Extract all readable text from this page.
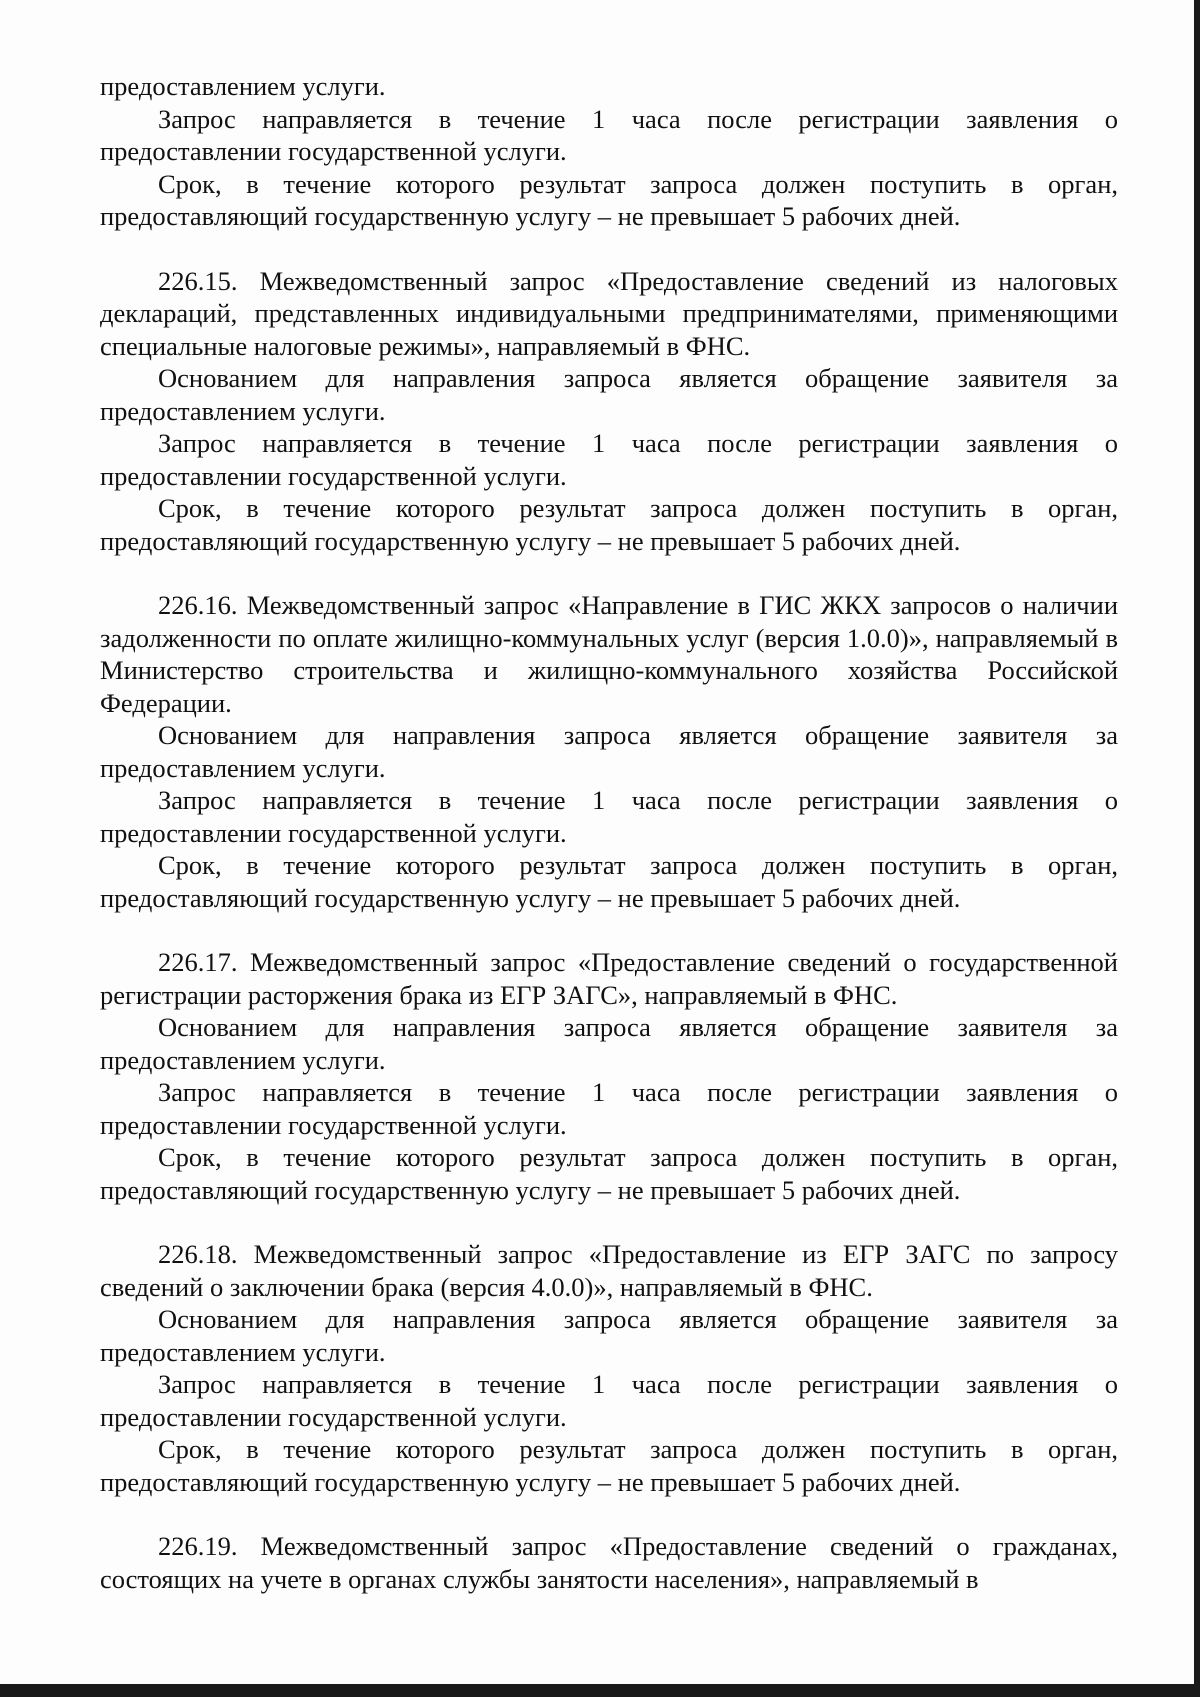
предоставлением услуги.

Запрос направляется в течение 1 часа после регистрации заявления о предоставлении государственной услуги.

Срок, в течение которого результат запроса должен поступить в орган, предоставляющий государственную услугу – не превышает 5 рабочих дней.

226.15. Межведомственный запрос «Предоставление сведений из налоговых деклараций, представленных индивидуальными предпринимателями, применяющими специальные налоговые режимы», направляемый в ФНС.

Основанием для направления запроса является обращение заявителя за предоставлением услуги.

Запрос направляется в течение 1 часа после регистрации заявления о предоставлении государственной услуги.

Срок, в течение которого результат запроса должен поступить в орган, предоставляющий государственную услугу – не превышает 5 рабочих дней.

226.16. Межведомственный запрос «Направление в ГИС ЖКХ запросов о наличии задолженности по оплате жилищно-коммунальных услуг (версия 1.0.0)», направляемый в Министерство строительства и жилищно-коммунального хозяйства Российской Федерации.

Основанием для направления запроса является обращение заявителя за предоставлением услуги.

Запрос направляется в течение 1 часа после регистрации заявления о предоставлении государственной услуги.

Срок, в течение которого результат запроса должен поступить в орган, предоставляющий государственную услугу – не превышает 5 рабочих дней.

226.17. Межведомственный запрос «Предоставление сведений о государственной регистрации расторжения брака из ЕГР ЗАГС», направляемый в ФНС.

Основанием для направления запроса является обращение заявителя за предоставлением услуги.

Запрос направляется в течение 1 часа после регистрации заявления о предоставлении государственной услуги.

Срок, в течение которого результат запроса должен поступить в орган, предоставляющий государственную услугу – не превышает 5 рабочих дней.

226.18. Межведомственный запрос «Предоставление из ЕГР ЗАГС по запросу сведений о заключении брака (версия 4.0.0)», направляемый в ФНС.

Основанием для направления запроса является обращение заявителя за предоставлением услуги.

Запрос направляется в течение 1 часа после регистрации заявления о предоставлении государственной услуги.

Срок, в течение которого результат запроса должен поступить в орган, предоставляющий государственную услугу – не превышает 5 рабочих дней.

226.19. Межведомственный запрос «Предоставление сведений о гражданах, состоящих на учете в органах службы занятости населения», направляемый в
